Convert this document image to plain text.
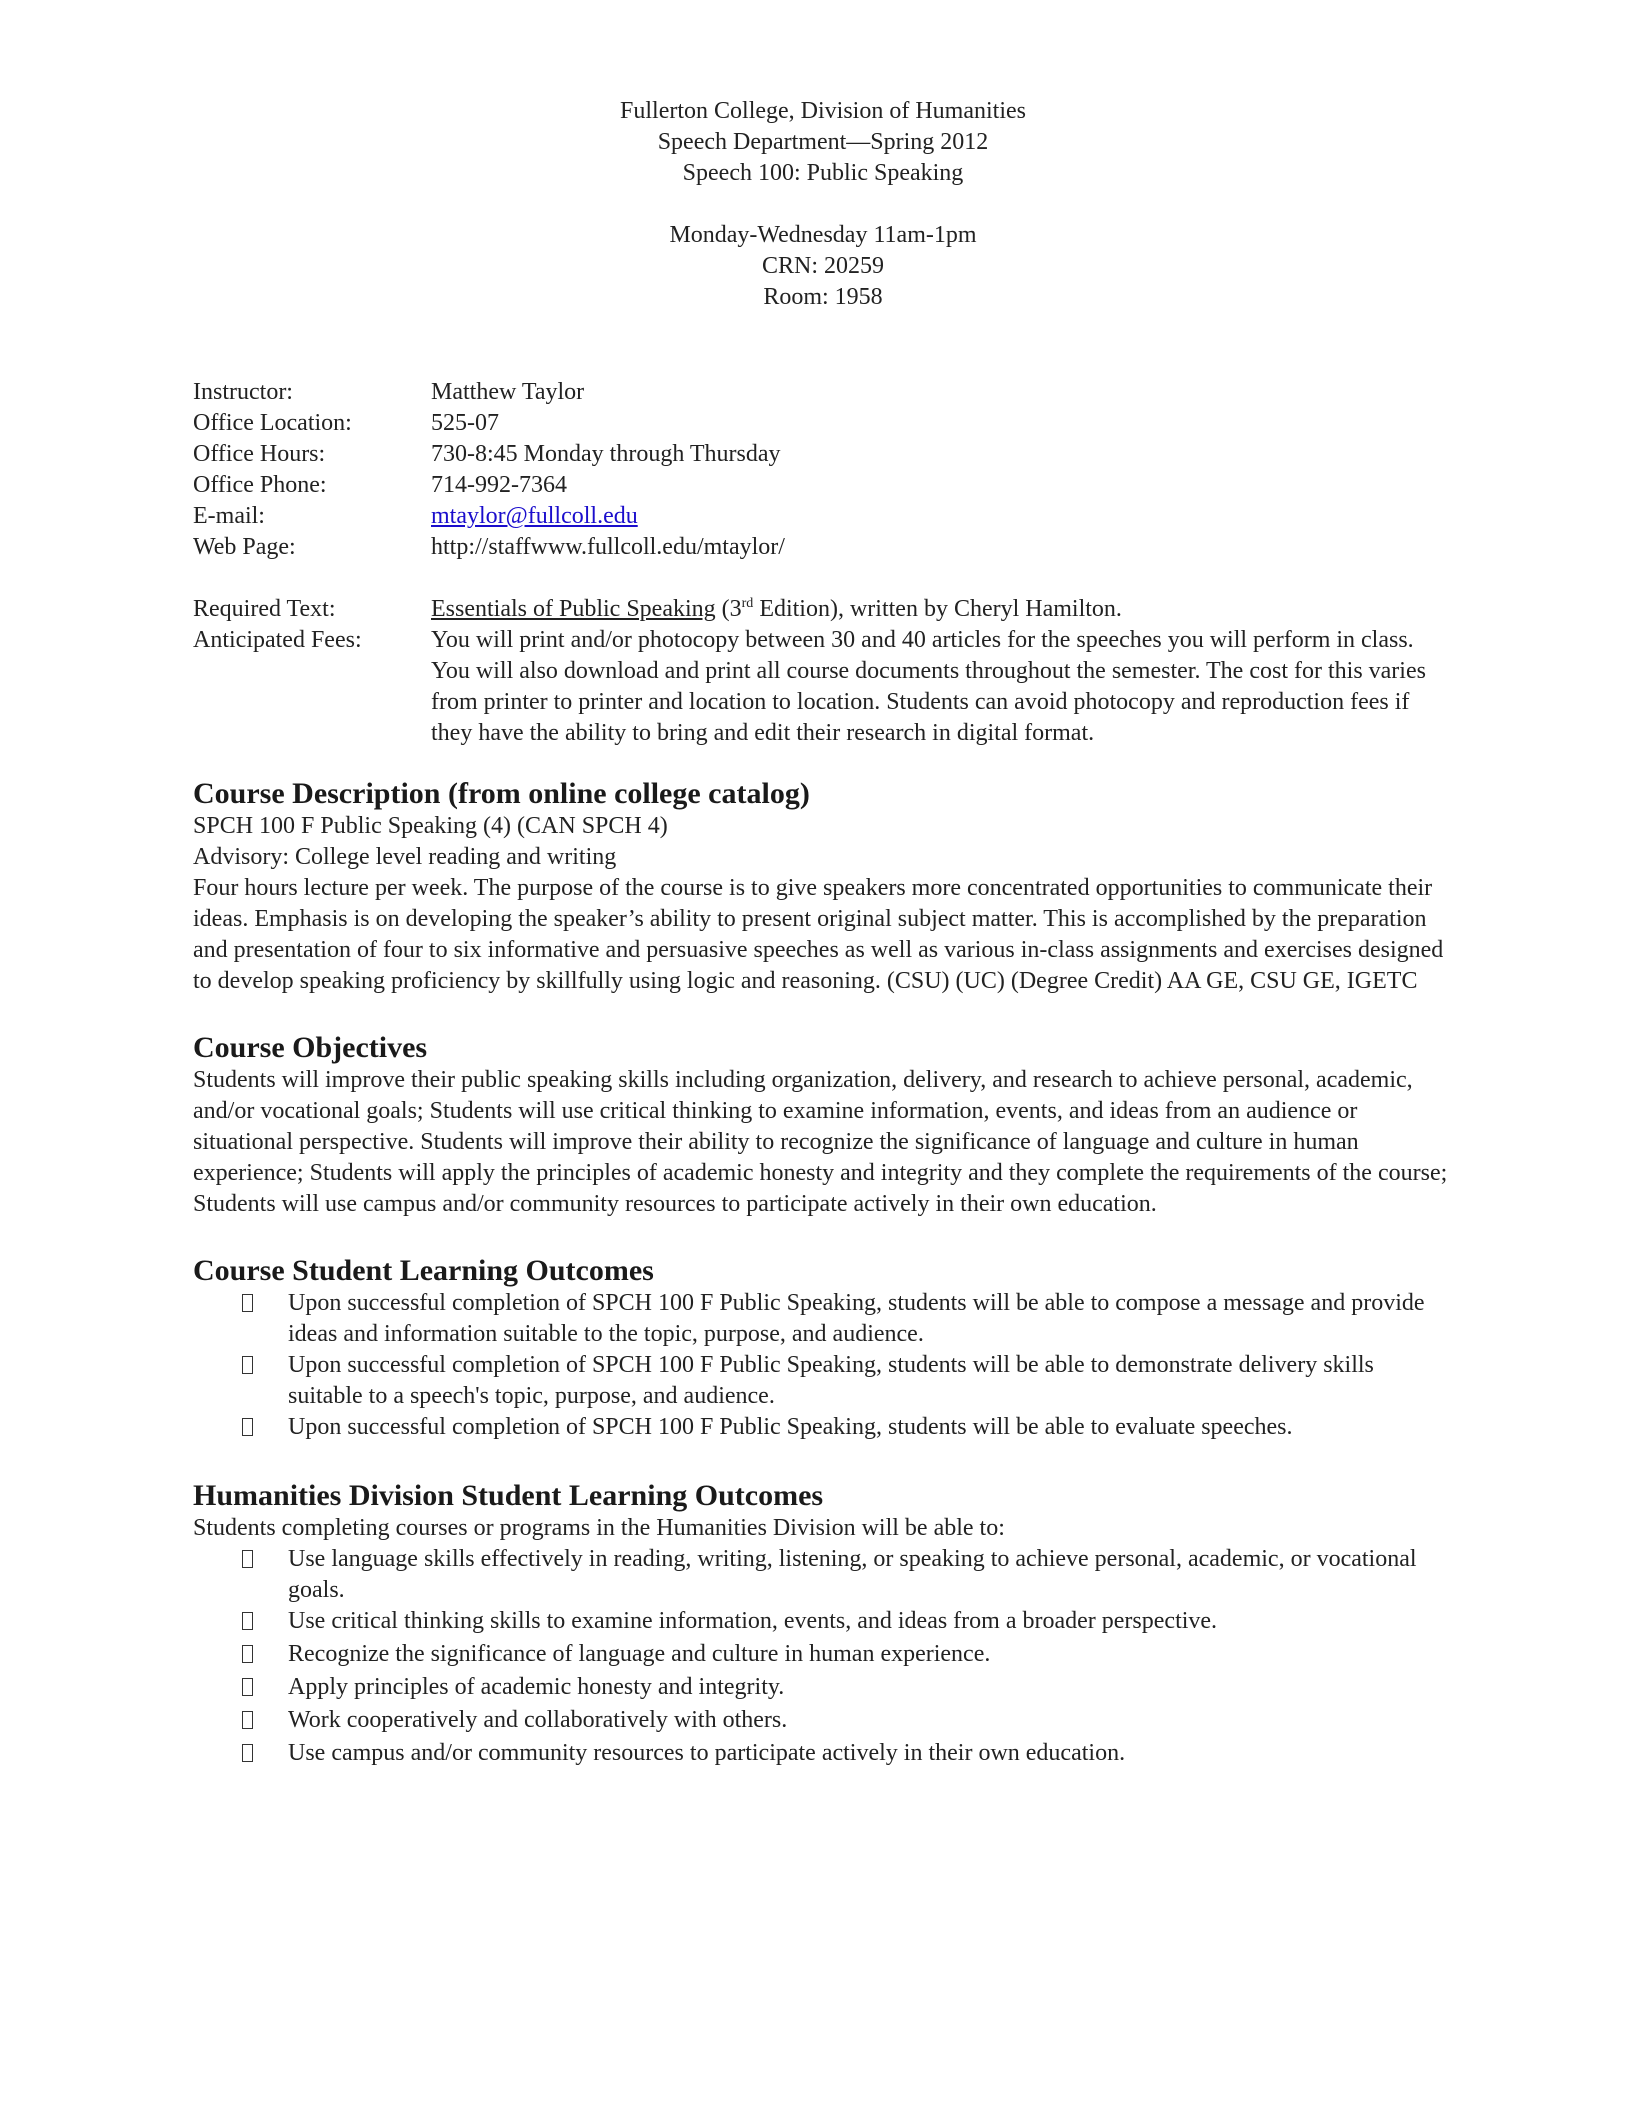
Fullerton College, Division of Humanities
Speech Department—Spring 2012
Speech 100: Public Speaking
Monday-Wednesday 11am-1pm
CRN: 20259
Room: 1958
Instructor:	Matthew Taylor
Office Location:	525-07
Office Hours:	730-8:45 Monday through Thursday
Office Phone:	714-992-7364
E-mail:	mtaylor@fullcoll.edu
Web Page:	http://staffwww.fullcoll.edu/mtaylor/
Required Text:	Essentials of Public Speaking (3rd Edition), written by Cheryl Hamilton.
Anticipated Fees:	You will print and/or photocopy between 30 and 40 articles for the speeches you will perform in class. You will also download and print all course documents throughout the semester. The cost for this varies from printer to printer and location to location. Students can avoid photocopy and reproduction fees if they have the ability to bring and edit their research in digital format.
Course Description (from online college catalog)

SPCH 100 F Public Speaking (4) (CAN SPCH 4)

Advisory: College level reading and writing

Four hours lecture per week. The purpose of the course is to give speakers more concentrated opportunities to communicate their ideas. Emphasis is on developing the speaker’s ability to present original subject matter. This is accomplished by the preparation and presentation of four to six informative and persuasive speeches as well as various in-class assignments and exercises designed to develop speaking proficiency by skillfully using logic and reasoning. (CSU) (UC) (Degree Credit) AA GE, CSU GE, IGETC

Course Objectives

Students will improve their public speaking skills including organization, delivery, and research to achieve personal, academic, and/or vocational goals; Students will use critical thinking to examine information, events, and ideas from an audience or situational perspective. Students will improve their ability to recognize the significance of language and culture in human experience; Students will apply the principles of academic honesty and integrity and they complete the requirements of the course; Students will use campus and/or community resources to participate actively in their own education.

Course Student Learning Outcomes
Upon successful completion of SPCH 100 F Public Speaking, students will be able to compose a message and provide ideas and information suitable to the topic, purpose, and audience.
Upon successful completion of SPCH 100 F Public Speaking, students will be able to demonstrate delivery skills suitable to a speech's topic, purpose, and audience.
Upon successful completion of SPCH 100 F Public Speaking, students will be able to evaluate speeches.
Humanities Division Student Learning Outcomes

Students completing courses or programs in the Humanities Division will be able to:

Use language skills effectively in reading, writing, listening, or speaking to achieve personal, academic, or vocational goals.
Use critical thinking skills to examine information, events, and ideas from a broader perspective.
Recognize the significance of language and culture in human experience.
Apply principles of academic honesty and integrity.
Work cooperatively and collaboratively with others.
Use campus and/or community resources to participate actively in their own education.
